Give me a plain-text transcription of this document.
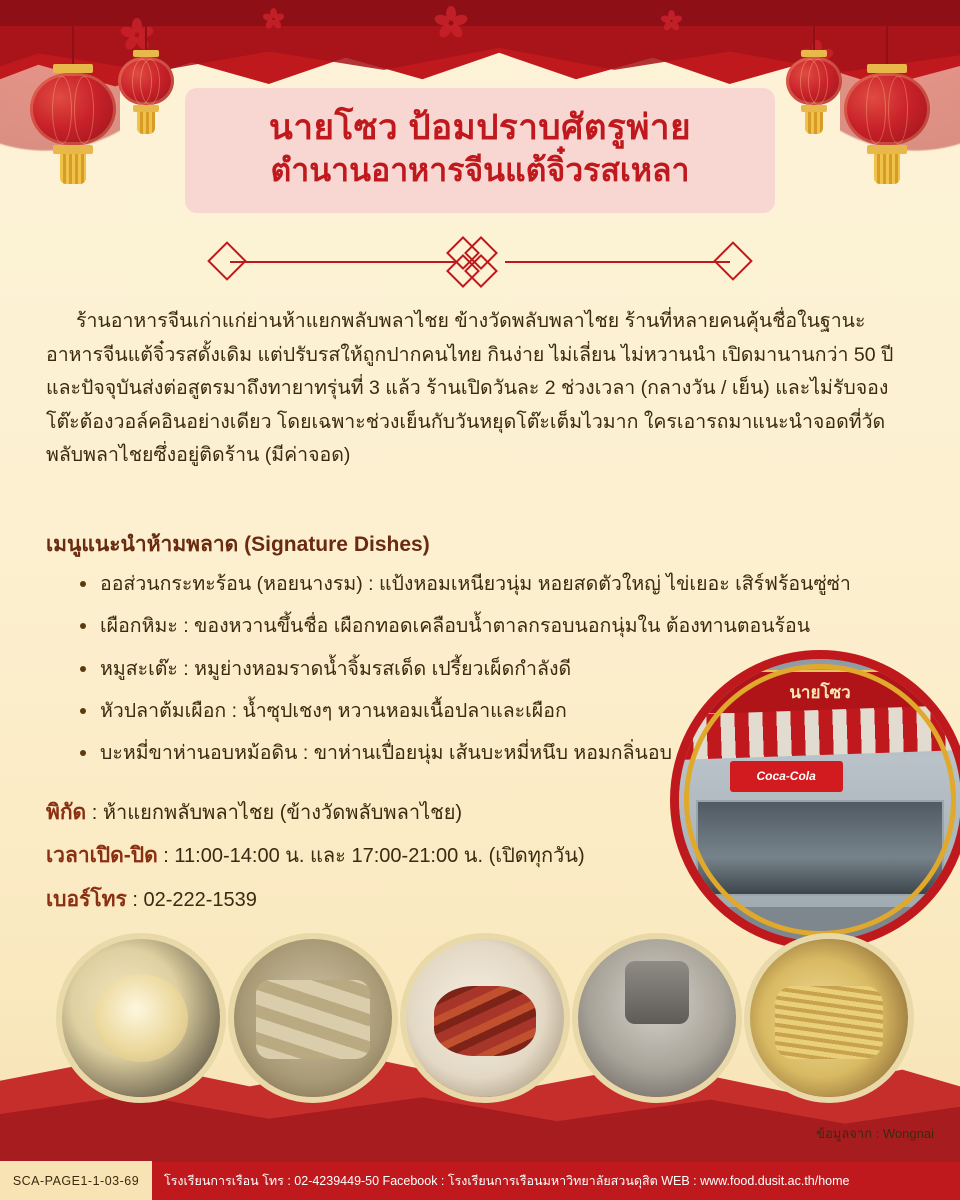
นายโซว ป้อมปราบศัตรูพ่าย
ตำนานอาหารจีนแต้จิ๋วรสเหลา

ร้านอาหารจีนเก่าแก่ย่านห้าแยกพลับพลาไชย ข้างวัดพลับพลาไชย ร้านที่หลายคนคุ้นชื่อในฐานะอาหารจีนแต้จิ๋วรสดั้งเดิม แต่ปรับรสให้ถูกปากคนไทย กินง่าย ไม่เลี่ยน ไม่หวานนำ เปิดมานานกว่า 50 ปี และปัจจุบันส่งต่อสูตรมาถึงทายาทรุ่นที่ 3 แล้ว ร้านเปิดวันละ 2 ช่วงเวลา (กลางวัน / เย็น) และไม่รับจองโต๊ะต้องวอล์คอินอย่างเดียว โดยเฉพาะช่วงเย็นกับวันหยุดโต๊ะเต็มไวมาก ใครเอารถมาแนะนำจอดที่วัดพลับพลาไชยซึ่งอยู่ติดร้าน (มีค่าจอด)

เมนูแนะนำห้ามพลาด (Signature Dishes)
ออส่วนกระทะร้อน (หอยนางรม) : แป้งหอมเหนียวนุ่ม หอยสดตัวใหญ่ ไข่เยอะ เสิร์ฟร้อนซู่ซ่า
เผือกหิมะ : ของหวานขึ้นชื่อ เผือกทอดเคลือบน้ำตาลกรอบนอกนุ่มใน ต้องทานตอนร้อน
หมูสะเต๊ะ : หมูย่างหอมราดน้ำจิ้มรสเด็ด เปรี้ยวเผ็ดกำลังดี
หัวปลาต้มเผือก : น้ำซุปเชงๆ หวานหอมเนื้อปลาและเผือก
บะหมี่ขาห่านอบหม้อดิน : ขาห่านเปื่อยนุ่ม เส้นบะหมี่หนึบ หอมกลิ่นอบ
พิกัด : ห้าแยกพลับพลาไชย (ข้างวัดพลับพลาไชย)
เวลาเปิด-ปิด : 11:00-14:00 น. และ 17:00-21:00 น. (เปิดทุกวัน)
เบอร์โทร : 02-222-1539
นายโซว
Coca-Cola
ข้อมูลจาก : Wongnai
SCA-PAGE1-1-03-69	โรงเรียนการเรือน โทร : 02-4239449-50 Facebook : โรงเรียนการเรือนมหาวิทยาลัยสวนดุสิต WEB : www.food.dusit.ac.th/home
